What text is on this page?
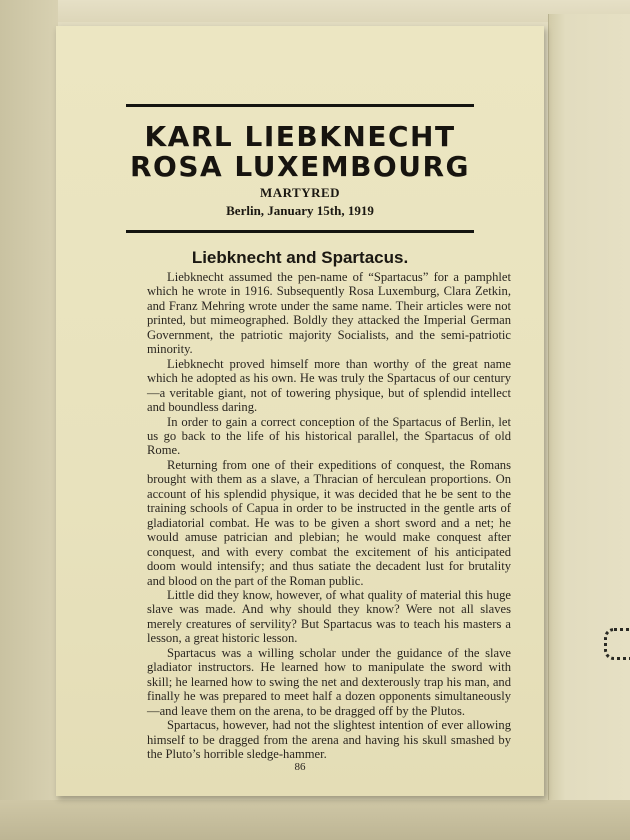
KARL LIEBKNECHT
ROSA LUXEMBOURG
MARTYRED
Berlin, January 15th, 1919
Liebknecht and Spartacus.

Liebknecht assumed the pen-name of “Spartacus” for a pamphlet which he wrote in 1916. Subsequently Rosa Luxemburg, Clara Zetkin, and Franz Mehring wrote under the same name. Their articles were not printed, but mimeographed. Boldly they attacked the Imperial German Government, the patriotic majority Socialists, and the semi-patriotic minority.

Liebknecht proved himself more than worthy of the great name which he adopted as his own. He was truly the Spartacus of our century—a veritable giant, not of towering physique, but of splendid intellect and boundless daring.

In order to gain a correct conception of the Spartacus of Berlin, let us go back to the life of his historical parallel, the Spartacus of old Rome.

Returning from one of their expeditions of conquest, the Romans brought with them as a slave, a Thracian of herculean proportions. On account of his splendid physique, it was decided that he be sent to the training schools of Capua in order to be instructed in the gentle arts of gladiatorial combat. He was to be given a short sword and a net; he would amuse patrician and plebian; he would make conquest after conquest, and with every combat the excitement of his anticipated doom would intensify; and thus satiate the decadent lust for brutality and blood on the part of the Roman public.

Little did they know, however, of what quality of material this huge slave was made. And why should they know? Were not all slaves merely creatures of servility? But Spartacus was to teach his masters a lesson, a great historic lesson.

Spartacus was a willing scholar under the guidance of the slave gladiator instructors. He learned how to manipulate the sword with skill; he learned how to swing the net and dexterously trap his man, and finally he was prepared to meet half a dozen opponents simultaneously—and leave them on the arena, to be dragged off by the Plutos.

Spartacus, however, had not the slightest intention of ever allowing himself to be dragged from the arena and having his skull smashed by the Pluto’s horrible sledge-hammer.

86
